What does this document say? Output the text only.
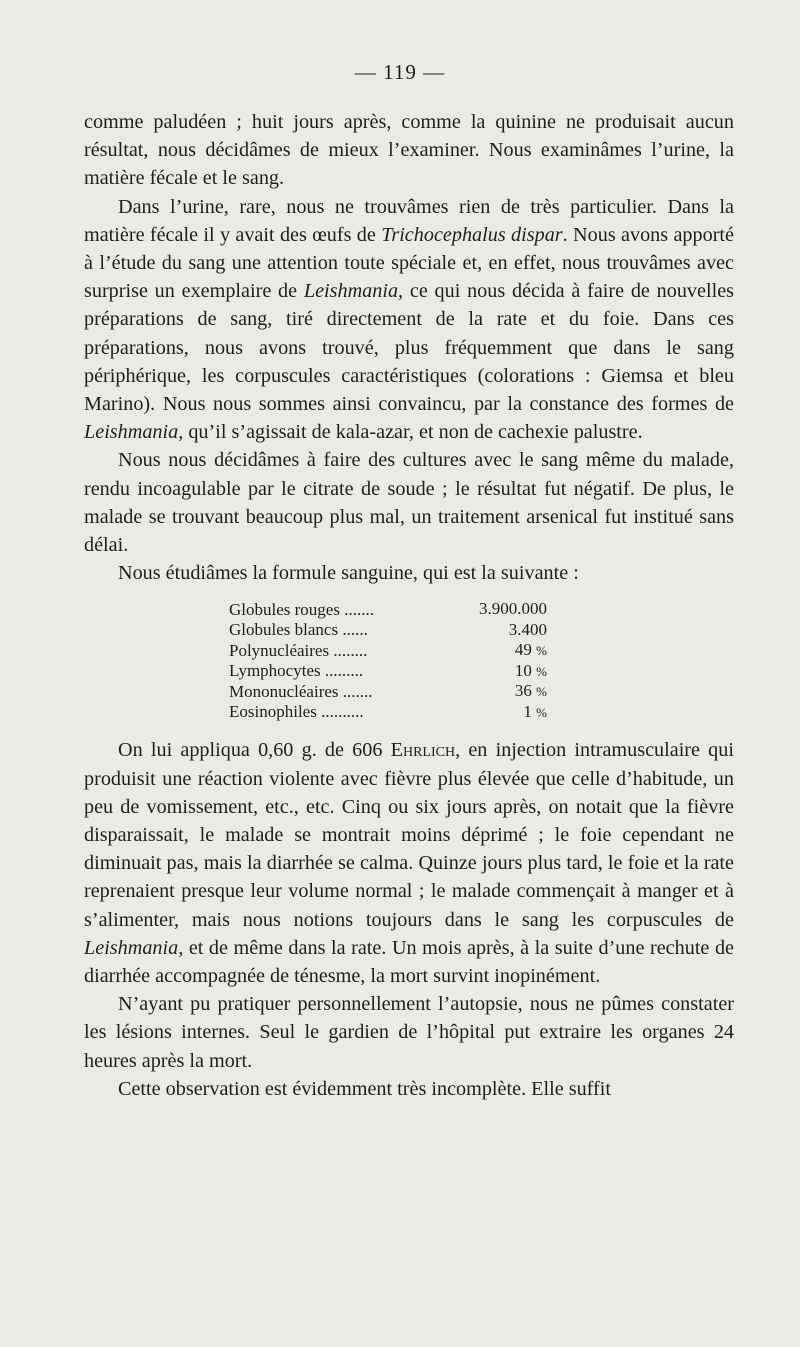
— 119 —

comme paludéen ; huit jours après, comme la quinine ne produisait aucun résultat, nous décidâmes de mieux l’examiner. Nous examinâmes l’urine, la matière fécale et le sang.

Dans l’urine, rare, nous ne trouvâmes rien de très particulier. Dans la matière fécale il y avait des œufs de Trichocephalus dispar. Nous avons apporté à l’étude du sang une attention toute spéciale et, en effet, nous trouvâmes avec surprise un exemplaire de Leishmania, ce qui nous décida à faire de nouvelles préparations de sang, tiré directement de la rate et du foie. Dans ces préparations, nous avons trouvé, plus fréquemment que dans le sang périphérique, les corpuscules caractéristiques (colorations : Giemsa et bleu Marino). Nous nous sommes ainsi convaincu, par la constance des formes de Leishmania, qu’il s’agissait de kala-azar, et non de cachexie palustre.

Nous nous décidâmes à faire des cultures avec le sang même du malade, rendu incoagulable par le citrate de soude ; le résultat fut négatif. De plus, le malade se trouvant beaucoup plus mal, un traitement arsenical fut institué sans délai.

Nous étudiâmes la formule sanguine, qui est la suivante :

Globules rouges .......	3.900.000
Globules blancs ......	3.400
Polynucléaires ........	49 %
Lymphocytes .........	10 %
Mononucléaires .......	36 %
Eosinophiles ..........	1 %

On lui appliqua 0,60 g. de 606 Ehrlich, en injection intramusculaire qui produisit une réaction violente avec fièvre plus élevée que celle d’habitude, un peu de vomissement, etc., etc. Cinq ou six jours après, on notait que la fièvre disparaissait, le malade se montrait moins déprimé ; le foie cependant ne diminuait pas, mais la diarrhée se calma. Quinze jours plus tard, le foie et la rate reprenaient presque leur volume normal ; le malade commençait à manger et à s’alimenter, mais nous notions toujours dans le sang les corpuscules de Leishmania, et de même dans la rate. Un mois après, à la suite d’une rechute de diarrhée accompagnée de ténesme, la mort survint inopinément.

N’ayant pu pratiquer personnellement l’autopsie, nous ne pûmes constater les lésions internes. Seul le gardien de l’hôpital put extraire les organes 24 heures après la mort.

Cette observation est évidemment très incomplète. Elle suffit
